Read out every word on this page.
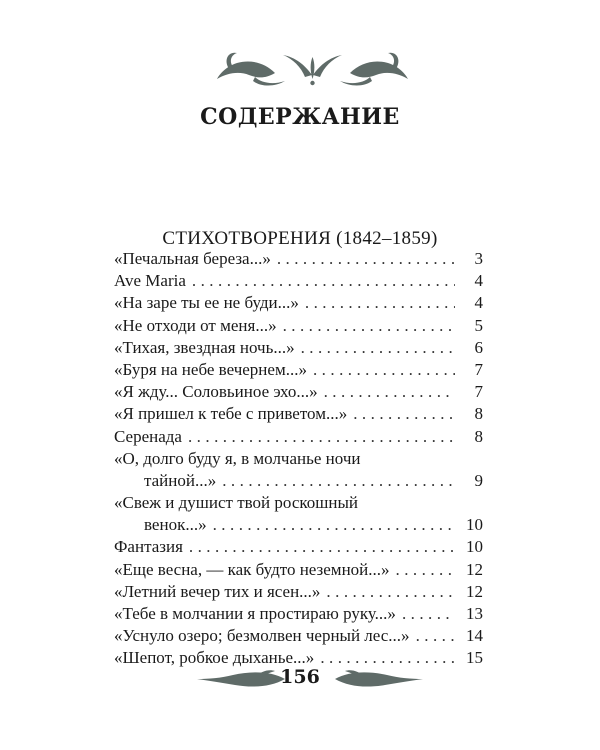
СОДЕРЖАНИЕ
СТИХОТВОРЕНИЯ (1842–1859)
«Печальная береза...» . . .	3
Ave Maria . . .	4
«На заре ты ее не буди...» . . .	4
«Не отходи от меня...» . . .	5
«Тихая, звездная ночь...» . . .	6
«Буря на небе вечернем...» . . .	7
«Я жду... Соловьиное эхо...» . . .	7
«Я пришел к тебе с приветом...» . . .	8
Серенада . . .	8
«О, долго буду я, в молчанье ночи
тайной...» . . .	9
«Свеж и душист твой роскошный
венок...» . . .	10
Фантазия . . .	10
«Еще весна, — как будто неземной...» . . .	12
«Летний вечер тих и ясен...» . . .	12
«Тебе в молчании я простираю руку...» . . .	13
«Уснуло озеро; безмолвен черный лес...» . . .	14
«Шепот, робкое дыханье...» . . .	15
156
